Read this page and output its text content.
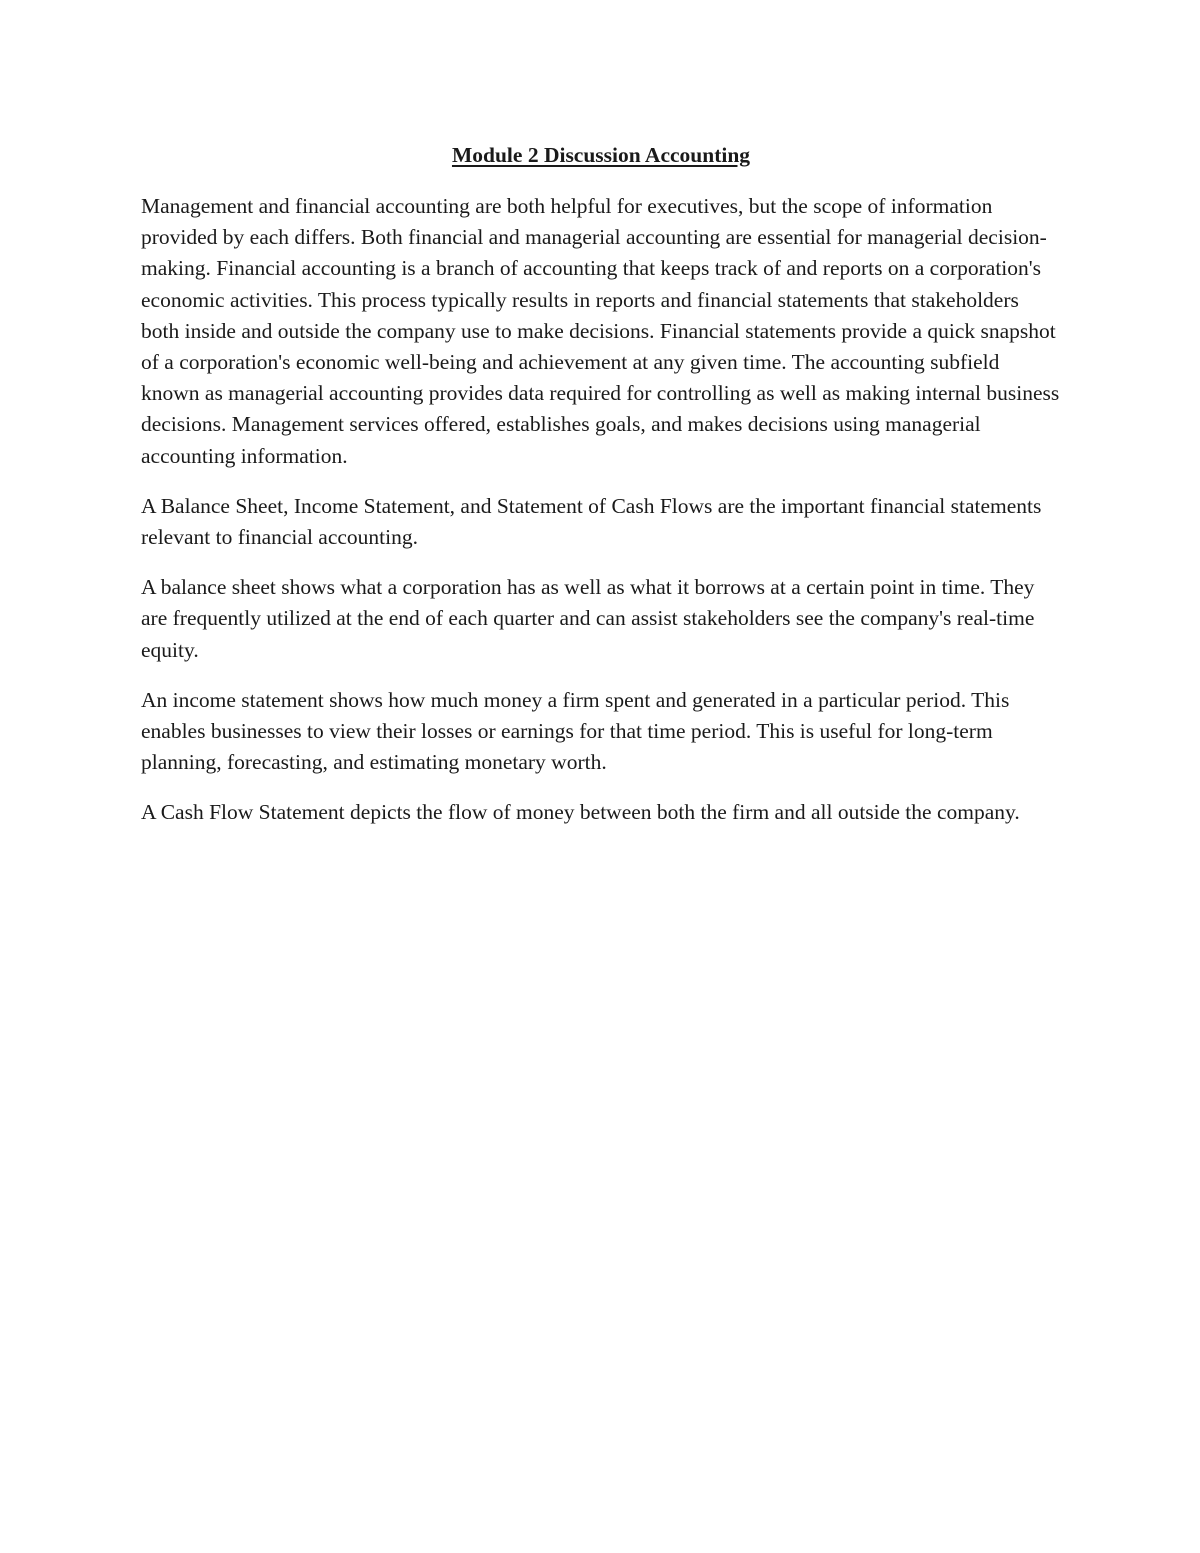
Module 2 Discussion Accounting

Management and financial accounting are both helpful for executives, but the scope of information provided by each differs. Both financial and managerial accounting are essential for managerial decision-making. Financial accounting is a branch of accounting that keeps track of and reports on a corporation's economic activities. This process typically results in reports and financial statements that stakeholders both inside and outside the company use to make decisions. Financial statements provide a quick snapshot of a corporation's economic well-being and achievement at any given time. The accounting subfield known as managerial accounting provides data required for controlling as well as making internal business decisions. Management services offered, establishes goals, and makes decisions using managerial accounting information.

A Balance Sheet, Income Statement, and Statement of Cash Flows are the important financial statements relevant to financial accounting.

A balance sheet shows what a corporation has as well as what it borrows at a certain point in time. They are frequently utilized at the end of each quarter and can assist stakeholders see the company's real-time equity.

An income statement shows how much money a firm spent and generated in a particular period. This enables businesses to view their losses or earnings for that time period. This is useful for long-term planning, forecasting, and estimating monetary worth.

A Cash Flow Statement depicts the flow of money between both the firm and all outside the company.
